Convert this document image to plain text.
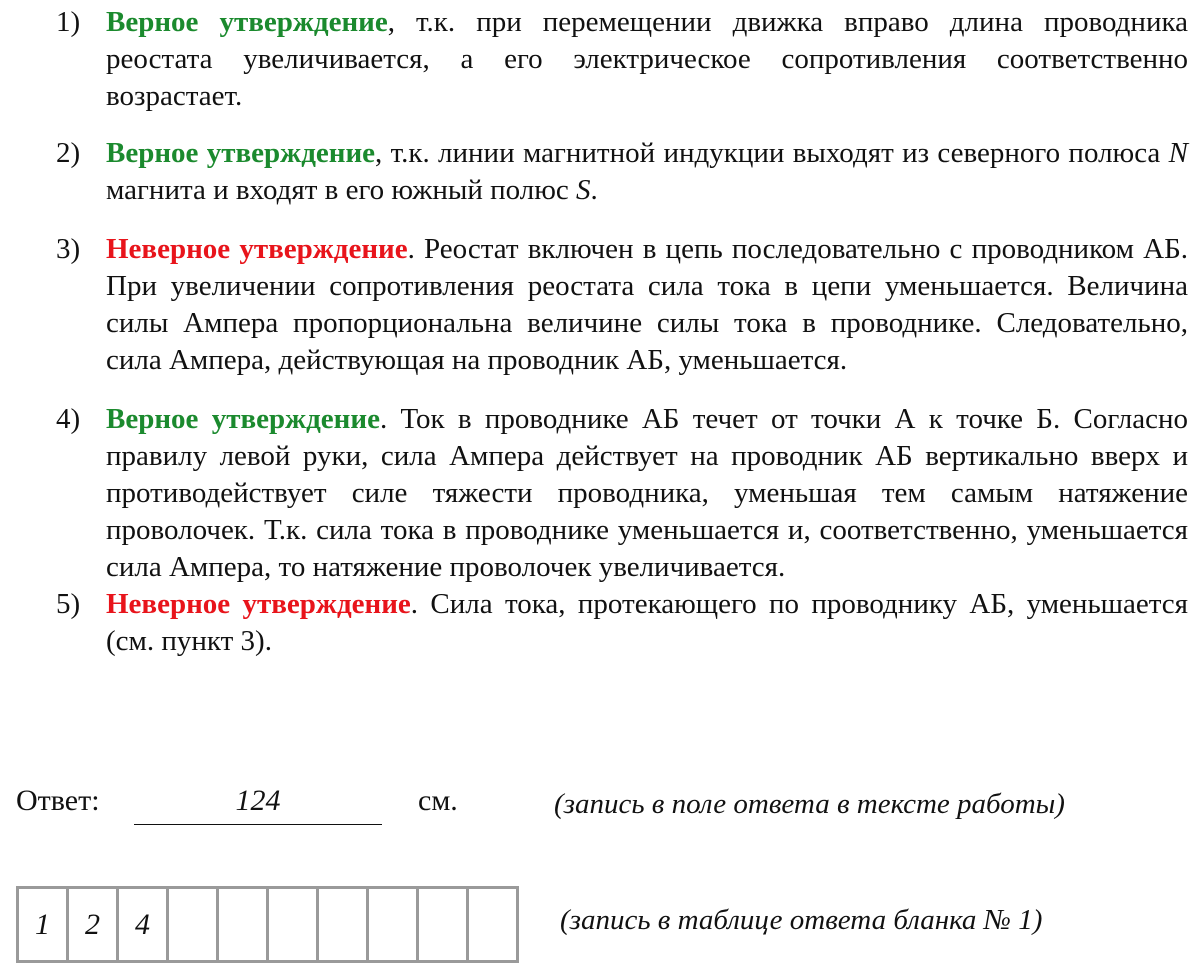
1) Верное утверждение, т.к. при перемещении движка вправо длина проводника реостата увеличивается, а его электрическое сопротивления соответственно возрастает.
2) Верное утверждение, т.к. линии магнитной индукции выходят из северного полюса N магнита и входят в его южный полюс S.
3) Неверное утверждение. Реостат включен в цепь последовательно с проводником АБ. При увеличении сопротивления реостата сила тока в цепи уменьшается. Величина силы Ампера пропорциональна величине силы тока в проводнике. Следовательно, сила Ампера, действующая на проводник АБ, уменьшается.
4) Верное утверждение. Ток в проводнике АБ течет от точки А к точке Б. Согласно правилу левой руки, сила Ампера действует на проводник АБ вертикально вверх и противодействует силе тяжести проводника, уменьшая тем самым натяжение проволочек. Т.к. сила тока в проводнике уменьшается и, соответственно, уменьшается сила Ампера, то натяжение проволочек увеличивается.
5) Неверное утверждение. Сила тока, протекающего по проводнику АБ, уменьшается (см. пункт 3).
Ответ:	124	см.	(запись в поле ответа в тексте работы)
1	2	4	(запись в таблице ответа бланка № 1)
